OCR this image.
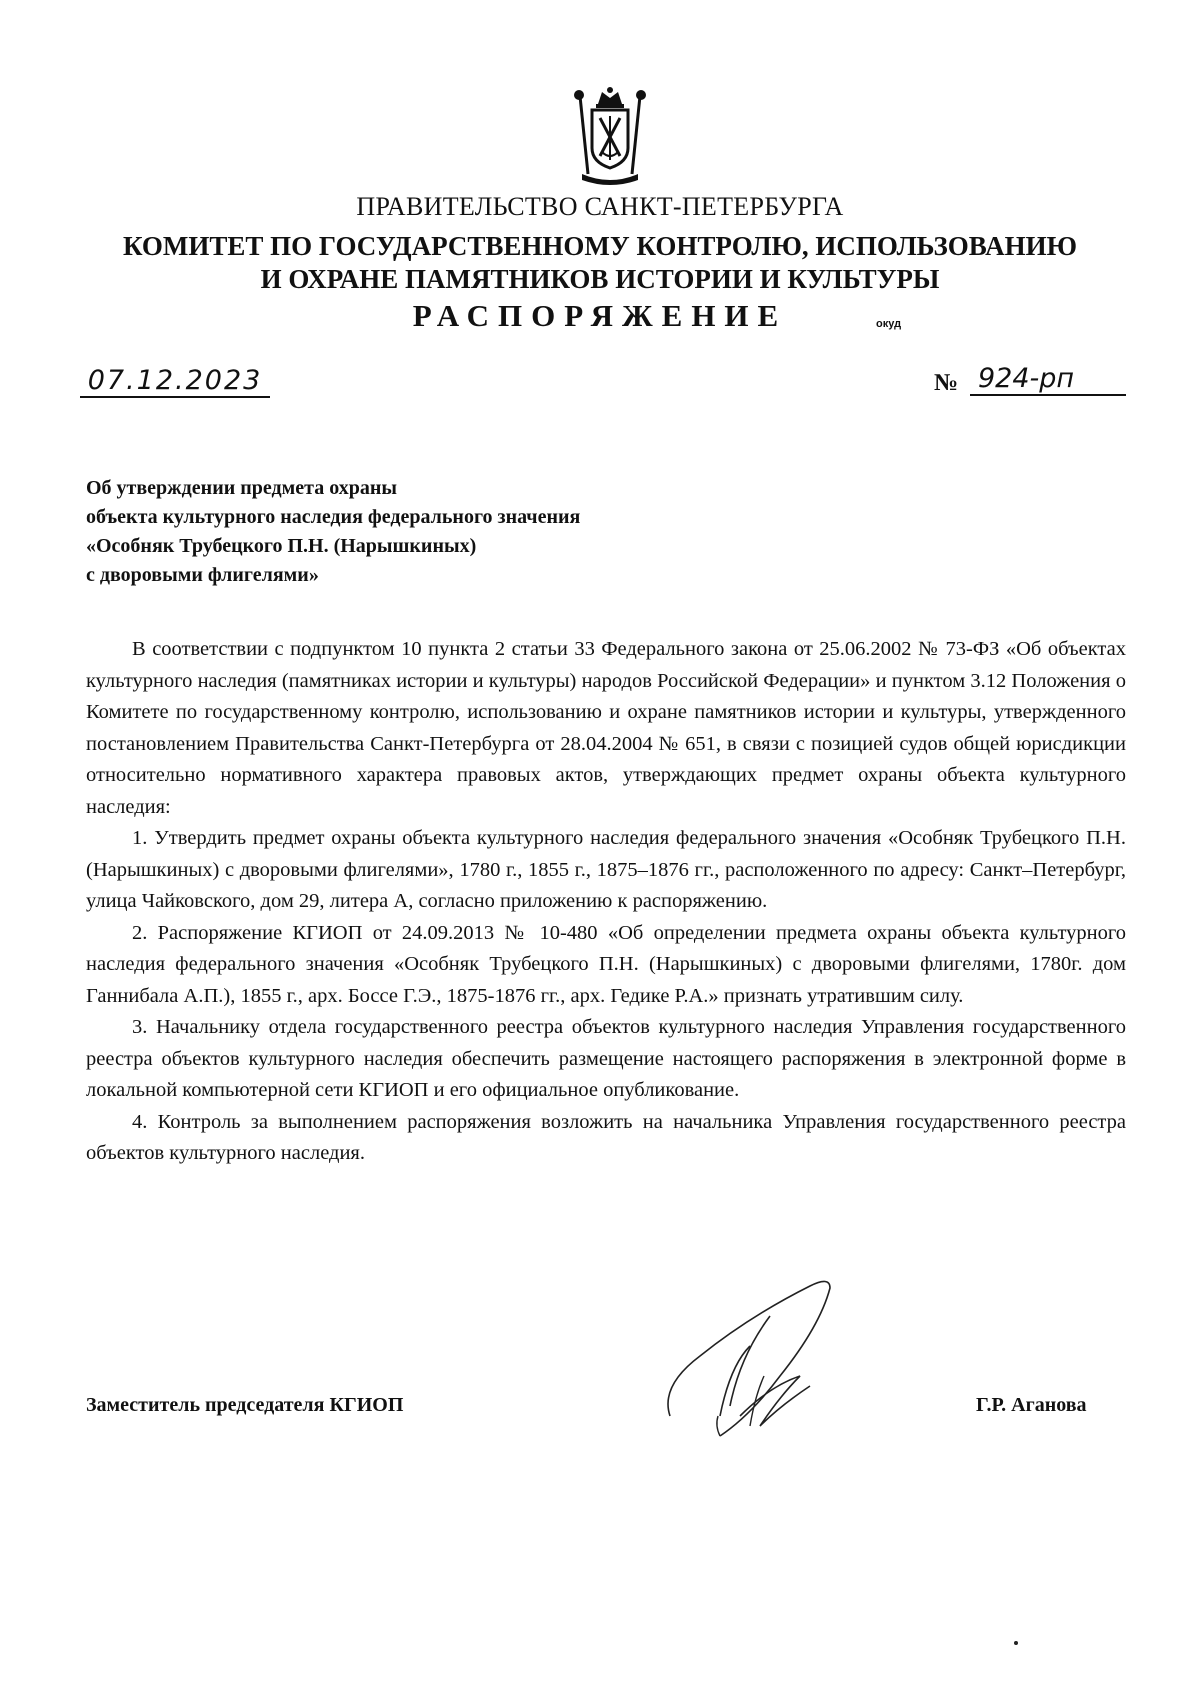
ПРАВИТЕЛЬСТВО САНКТ-ПЕТЕРБУРГА
КОМИТЕТ ПО ГОСУДАРСТВЕННОМУ КОНТРОЛЮ, ИСПОЛЬЗОВАНИЮ
И ОХРАНЕ ПАМЯТНИКОВ ИСТОРИИ И КУЛЬТУРЫ
РАСПОРЯЖЕНИЕ	окуд
07.12.2023	№ 924-рп
Об утверждении предмета охраны
объекта культурного наследия федерального значения
«Особняк Трубецкого П.Н. (Нарышкиных)
с дворовыми флигелями»

В соответствии с подпунктом 10 пункта 2 статьи 33 Федерального закона от 25.06.2002 № 73-ФЗ «Об объектах культурного наследия (памятниках истории и культуры) народов Российской Федерации» и пунктом 3.12 Положения о Комитете по государственному контролю, использованию и охране памятников истории и культуры, утвержденного постановлением Правительства Санкт-Петербурга от 28.04.2004 № 651, в связи с позицией судов общей юрисдикции относительно нормативного характера правовых актов, утверждающих предмет охраны объекта культурного наследия:

1. Утвердить предмет охраны объекта культурного наследия федерального значения «Особняк Трубецкого П.Н. (Нарышкиных) с дворовыми флигелями», 1780 г., 1855 г., 1875–1876 гг., расположенного по адресу: Санкт–Петербург, улица Чайковского, дом 29, литера А, согласно приложению к распоряжению.

2. Распоряжение КГИОП от 24.09.2013 № 10-480 «Об определении предмета охраны объекта культурного наследия федерального значения «Особняк Трубецкого П.Н. (Нарышкиных) с дворовыми флигелями, 1780г. дом Ганнибала А.П.), 1855 г., арх. Боссе Г.Э., 1875-1876 гг., арх. Гедике Р.А.» признать утратившим силу.

3. Начальнику отдела государственного реестра объектов культурного наследия Управления государственного реестра объектов культурного наследия обеспечить размещение настоящего распоряжения в электронной форме в локальной компьютерной сети КГИОП и его официальное опубликование.

4. Контроль за выполнением распоряжения возложить на начальника Управления государственного реестра объектов культурного наследия.

Заместитель председателя КГИОП	Г.Р. Аганова
